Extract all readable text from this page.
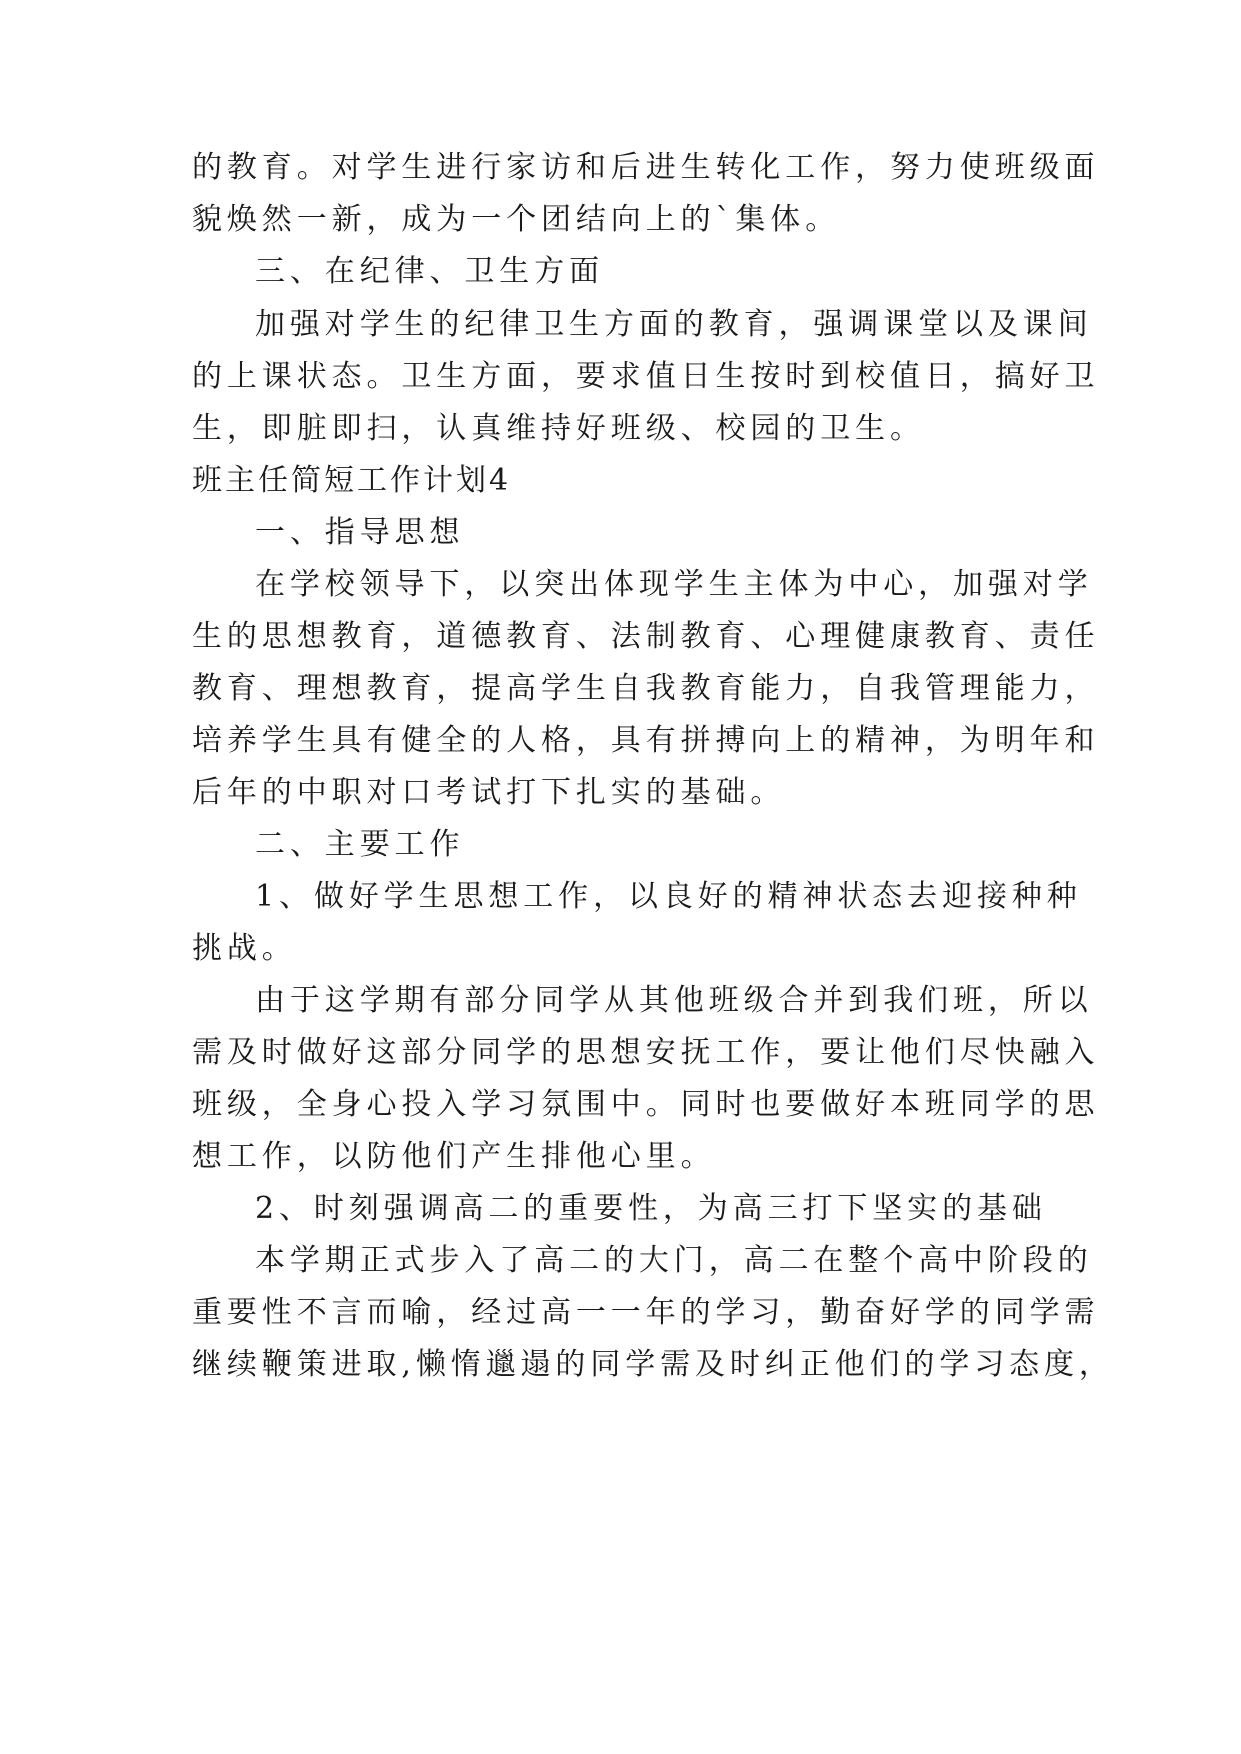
的教育。对学生进行家访和后进生转化工作，努力使班级面
貌焕然一新，成为一个团结向上的`集体。
三、在纪律、卫生方面
加强对学生的纪律卫生方面的教育，强调课堂以及课间
的上课状态。卫生方面，要求值日生按时到校值日，搞好卫
生，即脏即扫，认真维持好班级、校园的卫生。
班主任简短工作计划4
一、指导思想
在学校领导下，以突出体现学生主体为中心，加强对学
生的思想教育，道德教育、法制教育、心理健康教育、责任
教育、理想教育，提高学生自我教育能力，自我管理能力，
培养学生具有健全的人格，具有拼搏向上的精神，为明年和
后年的中职对口考试打下扎实的基础。
二、主要工作
1、做好学生思想工作，以良好的精神状态去迎接种种
挑战。
由于这学期有部分同学从其他班级合并到我们班，所以
需及时做好这部分同学的思想安抚工作，要让他们尽快融入
班级，全身心投入学习氛围中。同时也要做好本班同学的思
想工作，以防他们产生排他心里。
2、时刻强调高二的重要性，为高三打下坚实的基础
本学期正式步入了高二的大门，高二在整个高中阶段的
重要性不言而喻，经过高一一年的学习，勤奋好学的同学需
继续鞭策进取,懒惰邋遢的同学需及时纠正他们的学习态度，
